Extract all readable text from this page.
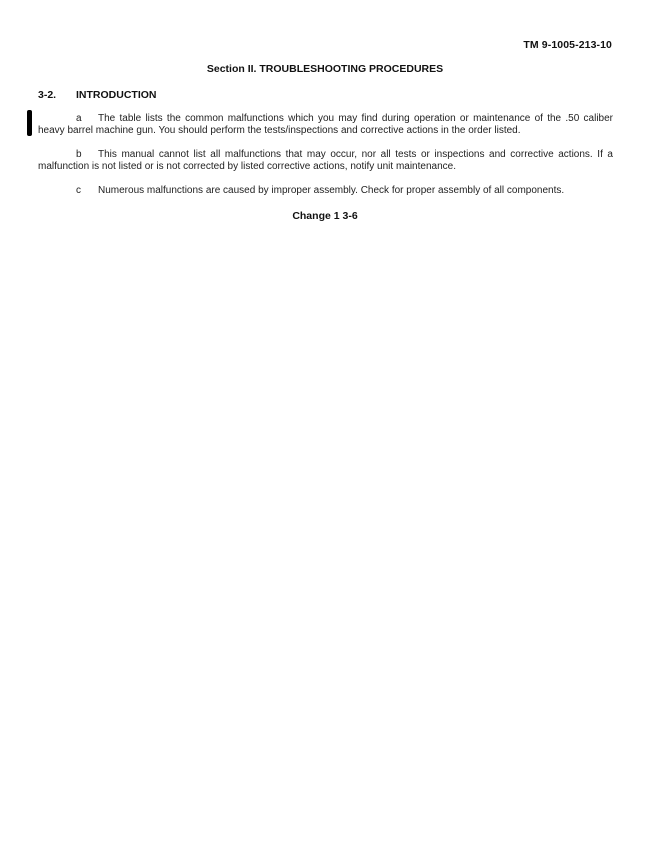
TM 9-1005-213-10
Section II. TROUBLESHOOTING PROCEDURES
3-2. INTRODUCTION
a The table lists the common malfunctions which you may find during operation or maintenance of the .50 caliber heavy barrel machine gun. You should perform the tests/inspections and corrective actions in the order listed.
b This manual cannot list all malfunctions that may occur, nor all tests or inspections and corrective actions. If a malfunction is not listed or is not corrected by listed corrective actions, notify unit maintenance.
c Numerous malfunctions are caused by improper assembly. Check for proper assembly of all components.
Change 1 3-6
